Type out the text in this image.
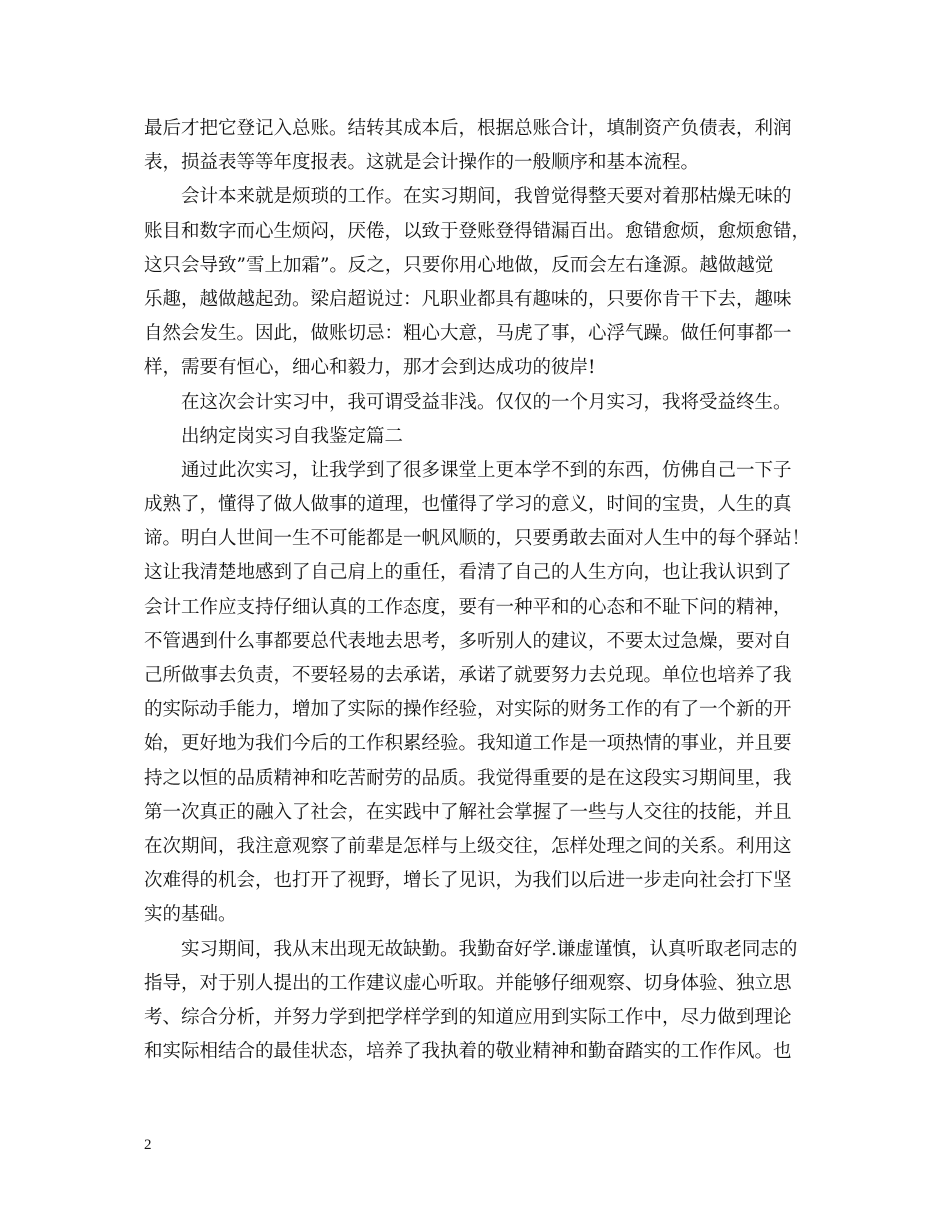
最后才把它登记入总账。结转其成本后，根据总账合计，填制资产负债表，利润
表，损益表等等年度报表。这就是会计操作的一般顺序和基本流程。
会计本来就是烦琐的工作。在实习期间，我曾觉得整天要对着那枯燥无味的
账目和数字而心生烦闷，厌倦，以致于登账登得错漏百出。愈错愈烦，愈烦愈错，
这只会导致”雪上加霜”。反之，只要你用心地做，反而会左右逢源。越做越觉
乐趣，越做越起劲。梁启超说过：凡职业都具有趣味的，只要你肯干下去，趣味
自然会发生。因此，做账切忌：粗心大意，马虎了事，心浮气躁。做任何事都一
样，需要有恒心，细心和毅力，那才会到达成功的彼岸!
在这次会计实习中，我可谓受益非浅。仅仅的一个月实习，我将受益终生。
出纳定岗实习自我鉴定篇二
通过此次实习，让我学到了很多课堂上更本学不到的东西，仿佛自己一下子
成熟了，懂得了做人做事的道理，也懂得了学习的意义，时间的宝贵，人生的真
谛。明白人世间一生不可能都是一帆风顺的，只要勇敢去面对人生中的每个驿站！
这让我清楚地感到了自己肩上的重任，看清了自己的人生方向，也让我认识到了
会计工作应支持仔细认真的工作态度，要有一种平和的心态和不耻下问的精神，
不管遇到什么事都要总代表地去思考，多听别人的建议，不要太过急燥，要对自
己所做事去负责，不要轻易的去承诺，承诺了就要努力去兑现。单位也培养了我
的实际动手能力，增加了实际的操作经验，对实际的财务工作的有了一个新的开
始，更好地为我们今后的工作积累经验。我知道工作是一项热情的事业，并且要
持之以恒的品质精神和吃苦耐劳的品质。我觉得重要的是在这段实习期间里，我
第一次真正的融入了社会，在实践中了解社会掌握了一些与人交往的技能，并且
在次期间，我注意观察了前辈是怎样与上级交往，怎样处理之间的关系。利用这
次难得的机会，也打开了视野，增长了见识，为我们以后进一步走向社会打下坚
实的基础。
实习期间，我从末出现无故缺勤。我勤奋好学.谦虚谨慎，认真听取老同志的
指导，对于别人提出的工作建议虚心听取。并能够仔细观察、切身体验、独立思
考、综合分析，并努力学到把学样学到的知道应用到实际工作中，尽力做到理论
和实际相结合的最佳状态，培养了我执着的敬业精神和勤奋踏实的工作作风。也
2
